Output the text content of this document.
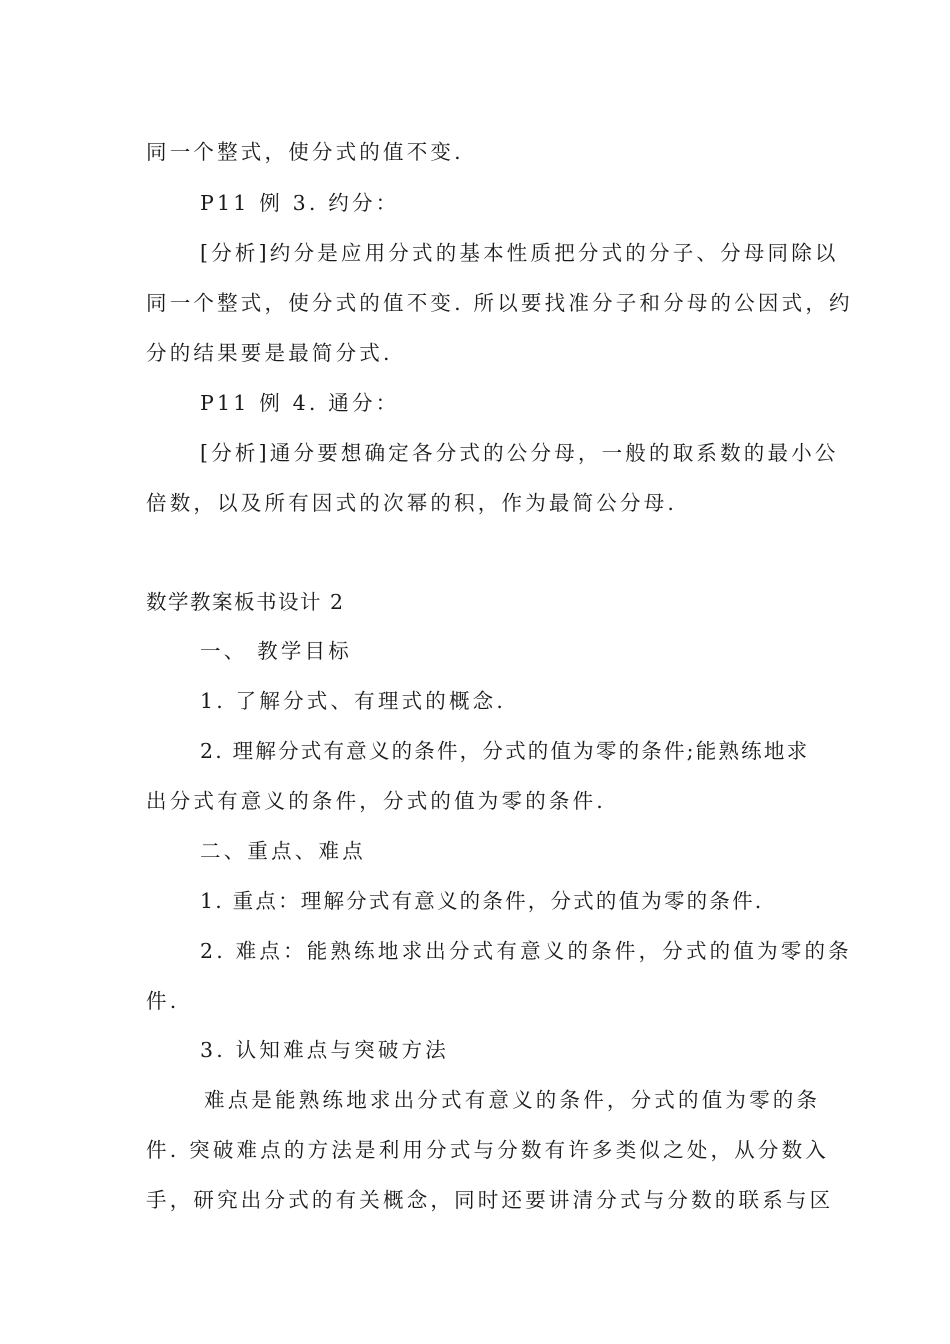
同一个整式，使分式的值不变.
P11 例 3. 约分：
[分析]约分是应用分式的基本性质把分式的分子、分母同除以
同一个整式，使分式的值不变. 所以要找准分子和分母的公因式，约
分的结果要是最简分式.
P11 例 4. 通分：
[分析]通分要想确定各分式的公分母，一般的取系数的最小公
倍数，以及所有因式的次幂的积，作为最简公分母.
数学教案板书设计 2
一、 教学目标
1. 了解分式、有理式的概念.
2. 理解分式有意义的条件，分式的值为零的条件;能熟练地求
出分式有意义的条件，分式的值为零的条件.
二、重点、难点
1. 重点：理解分式有意义的条件，分式的值为零的条件.
2. 难点：能熟练地求出分式有意义的条件，分式的值为零的条
件.
3. 认知难点与突破方法
难点是能熟练地求出分式有意义的条件，分式的值为零的条
件. 突破难点的方法是利用分式与分数有许多类似之处，从分数入
手，研究出分式的有关概念，同时还要讲清分式与分数的联系与区
